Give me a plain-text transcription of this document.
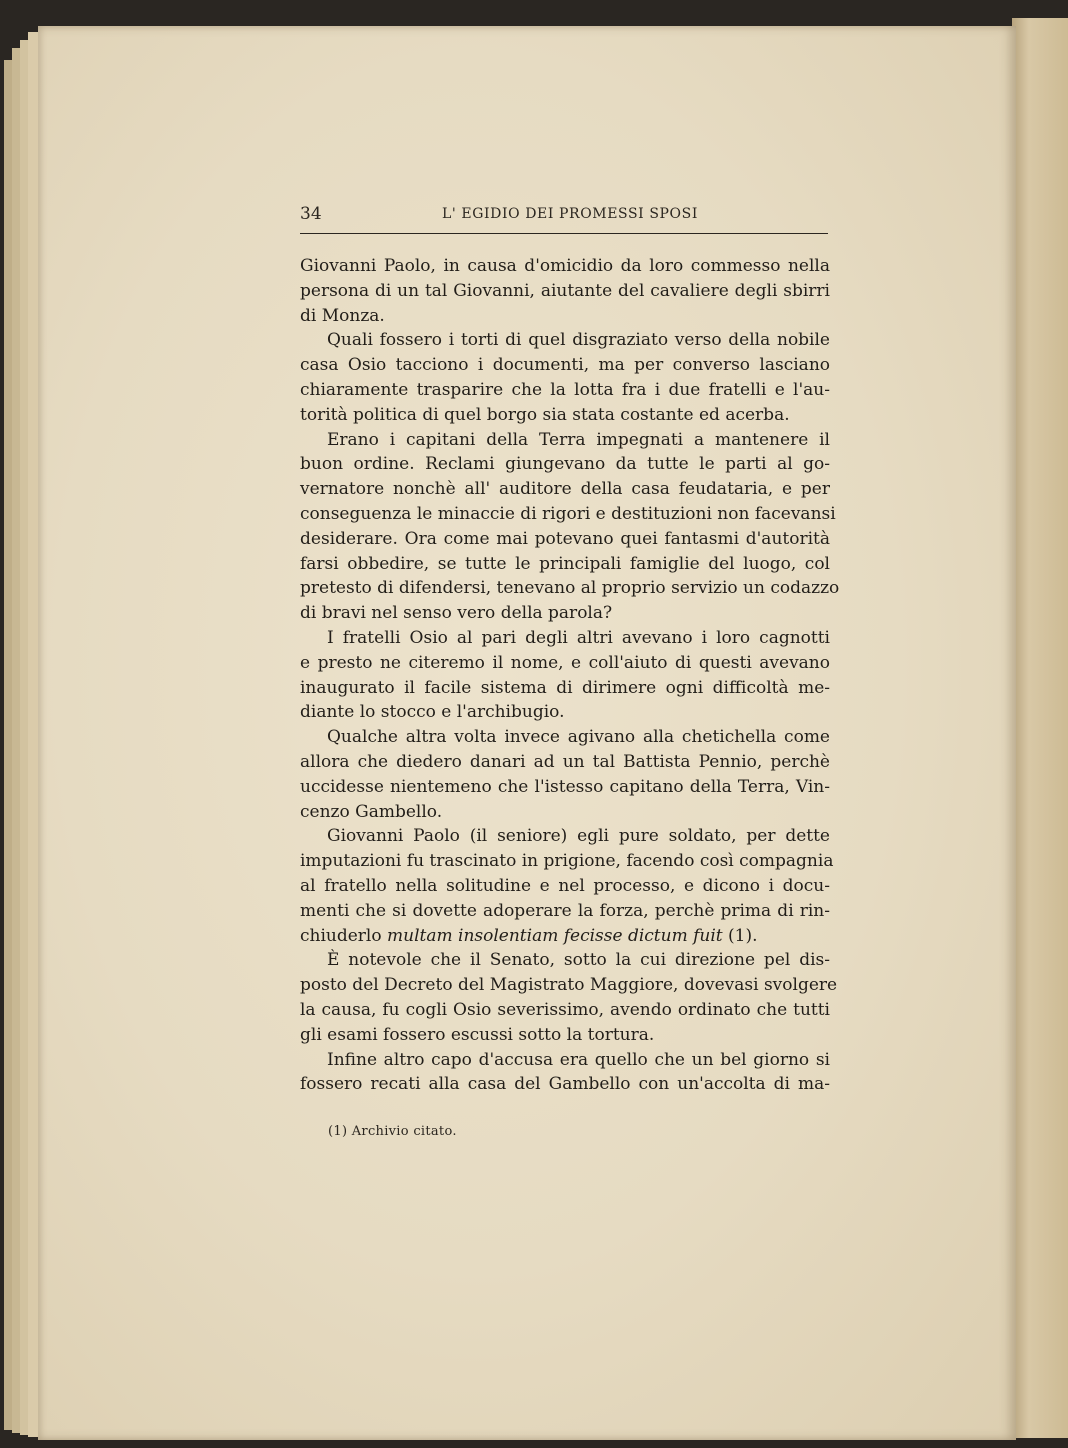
34	L' EGIDIO DEI PROMESSI SPOSI
Giovanni Paolo, in causa d'omicidio da loro commesso nella
persona di un tal Giovanni, aiutante del cavaliere degli sbirri
di Monza.
Quali fossero i torti di quel disgraziato verso della nobile
casa Osio tacciono i documenti, ma per converso lasciano
chiaramente trasparire che la lotta fra i due fratelli e l'au-
torità politica di quel borgo sia stata costante ed acerba.
Erano i capitani della Terra impegnati a mantenere il
buon ordine. Reclami giungevano da tutte le parti al go-
vernatore nonchè all' auditore della casa feudataria, e per
conseguenza le minaccie di rigori e destituzioni non facevansi
desiderare. Ora come mai potevano quei fantasmi d'autorità
farsi obbedire, se tutte le principali famiglie del luogo, col
pretesto di difendersi, tenevano al proprio servizio un codazzo
di bravi nel senso vero della parola?
I fratelli Osio al pari degli altri avevano i loro cagnotti
e presto ne citeremo il nome, e coll'aiuto di questi avevano
inaugurato il facile sistema di dirimere ogni difficoltà me-
diante lo stocco e l'archibugio.
Qualche altra volta invece agivano alla chetichella come
allora che diedero danari ad un tal Battista Pennio, perchè
uccidesse nientemeno che l'istesso capitano della Terra, Vin-
cenzo Gambello.
Giovanni Paolo (il seniore) egli pure soldato, per dette
imputazioni fu trascinato in prigione, facendo così compagnia
al fratello nella solitudine e nel processo, e dicono i docu-
menti che si dovette adoperare la forza, perchè prima di rin-
chiuderlo multam insolentiam fecisse dictum fuit (1).
È notevole che il Senato, sotto la cui direzione pel dis-
posto del Decreto del Magistrato Maggiore, dovevasi svolgere
la causa, fu cogli Osio severissimo, avendo ordinato che tutti
gli esami fossero escussi sotto la tortura.
Infine altro capo d'accusa era quello che un bel giorno si
fossero recati alla casa del Gambello con un'accolta di ma-
(1) Archivio citato.
